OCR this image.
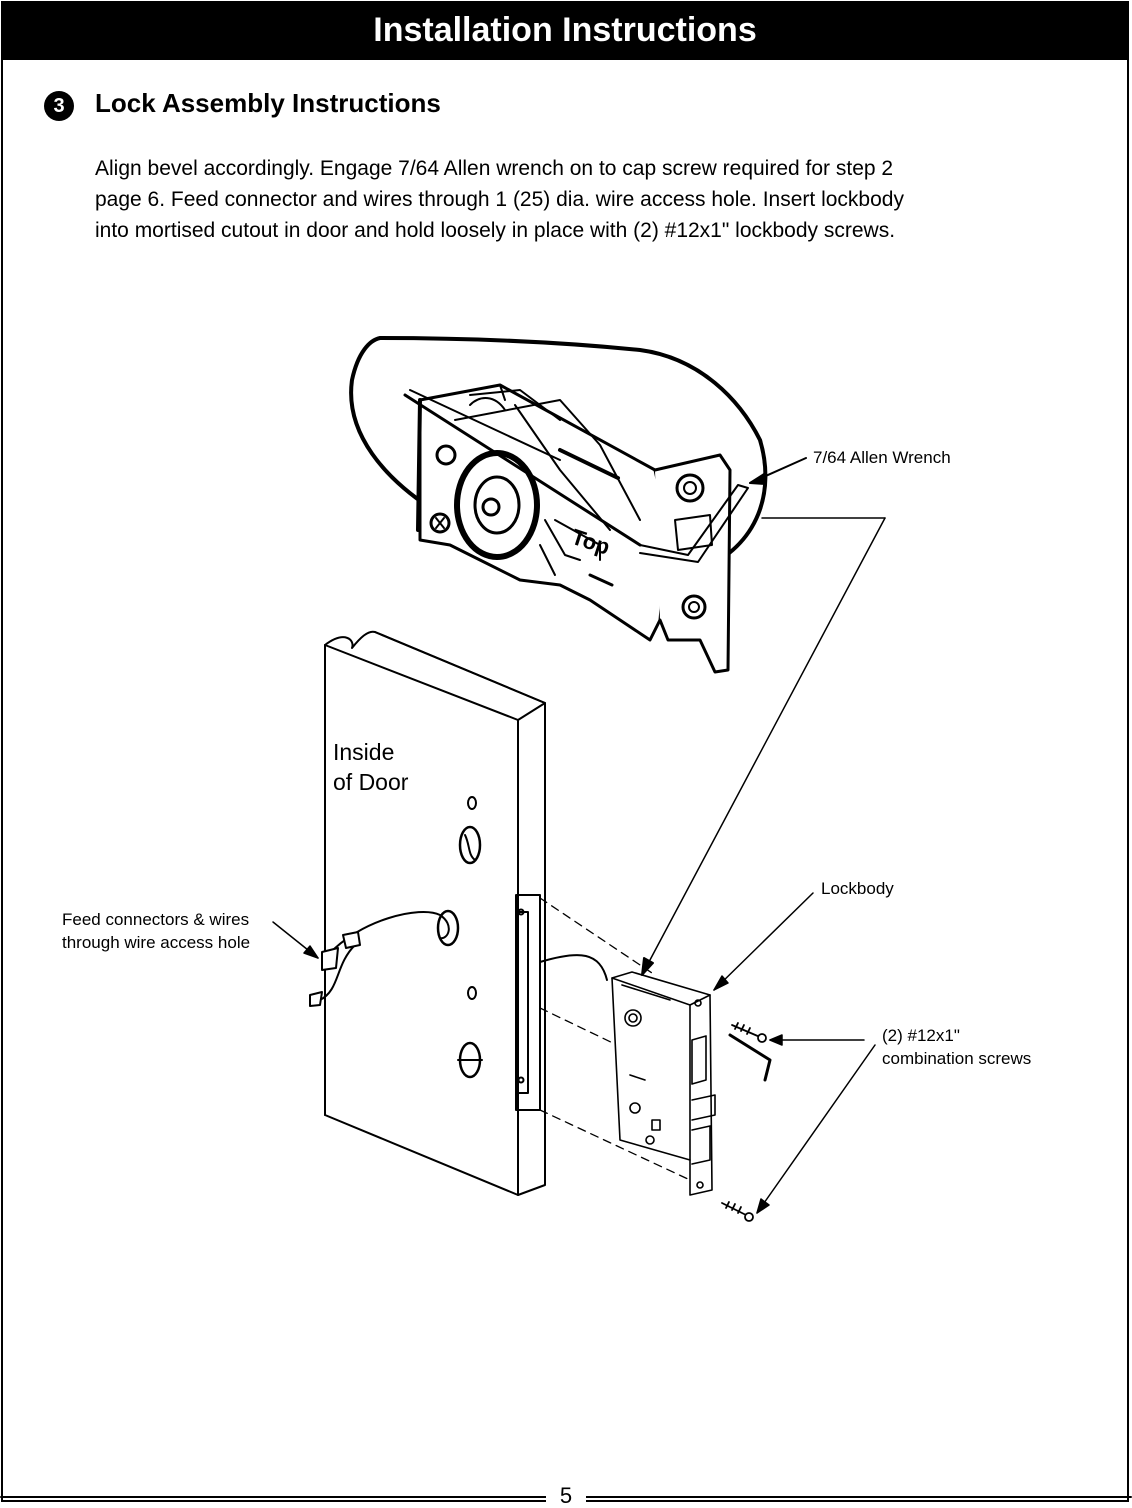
Installation Instructions
3	Lock Assembly Instructions
Align bevel accordingly. Engage 7/64 Allen wrench on to cap screw required for step 2
page 6. Feed connector and wires through 1 (25) dia. wire access hole. Insert lockbody
into mortised cutout in door and hold loosely in place with (2) #12x1" lockbody screws.
Top
7/64 Allen Wrench
Lockbody
(2) #12x1"
combination screws
Feed connectors & wires
through wire access hole
Inside
of Door
5
